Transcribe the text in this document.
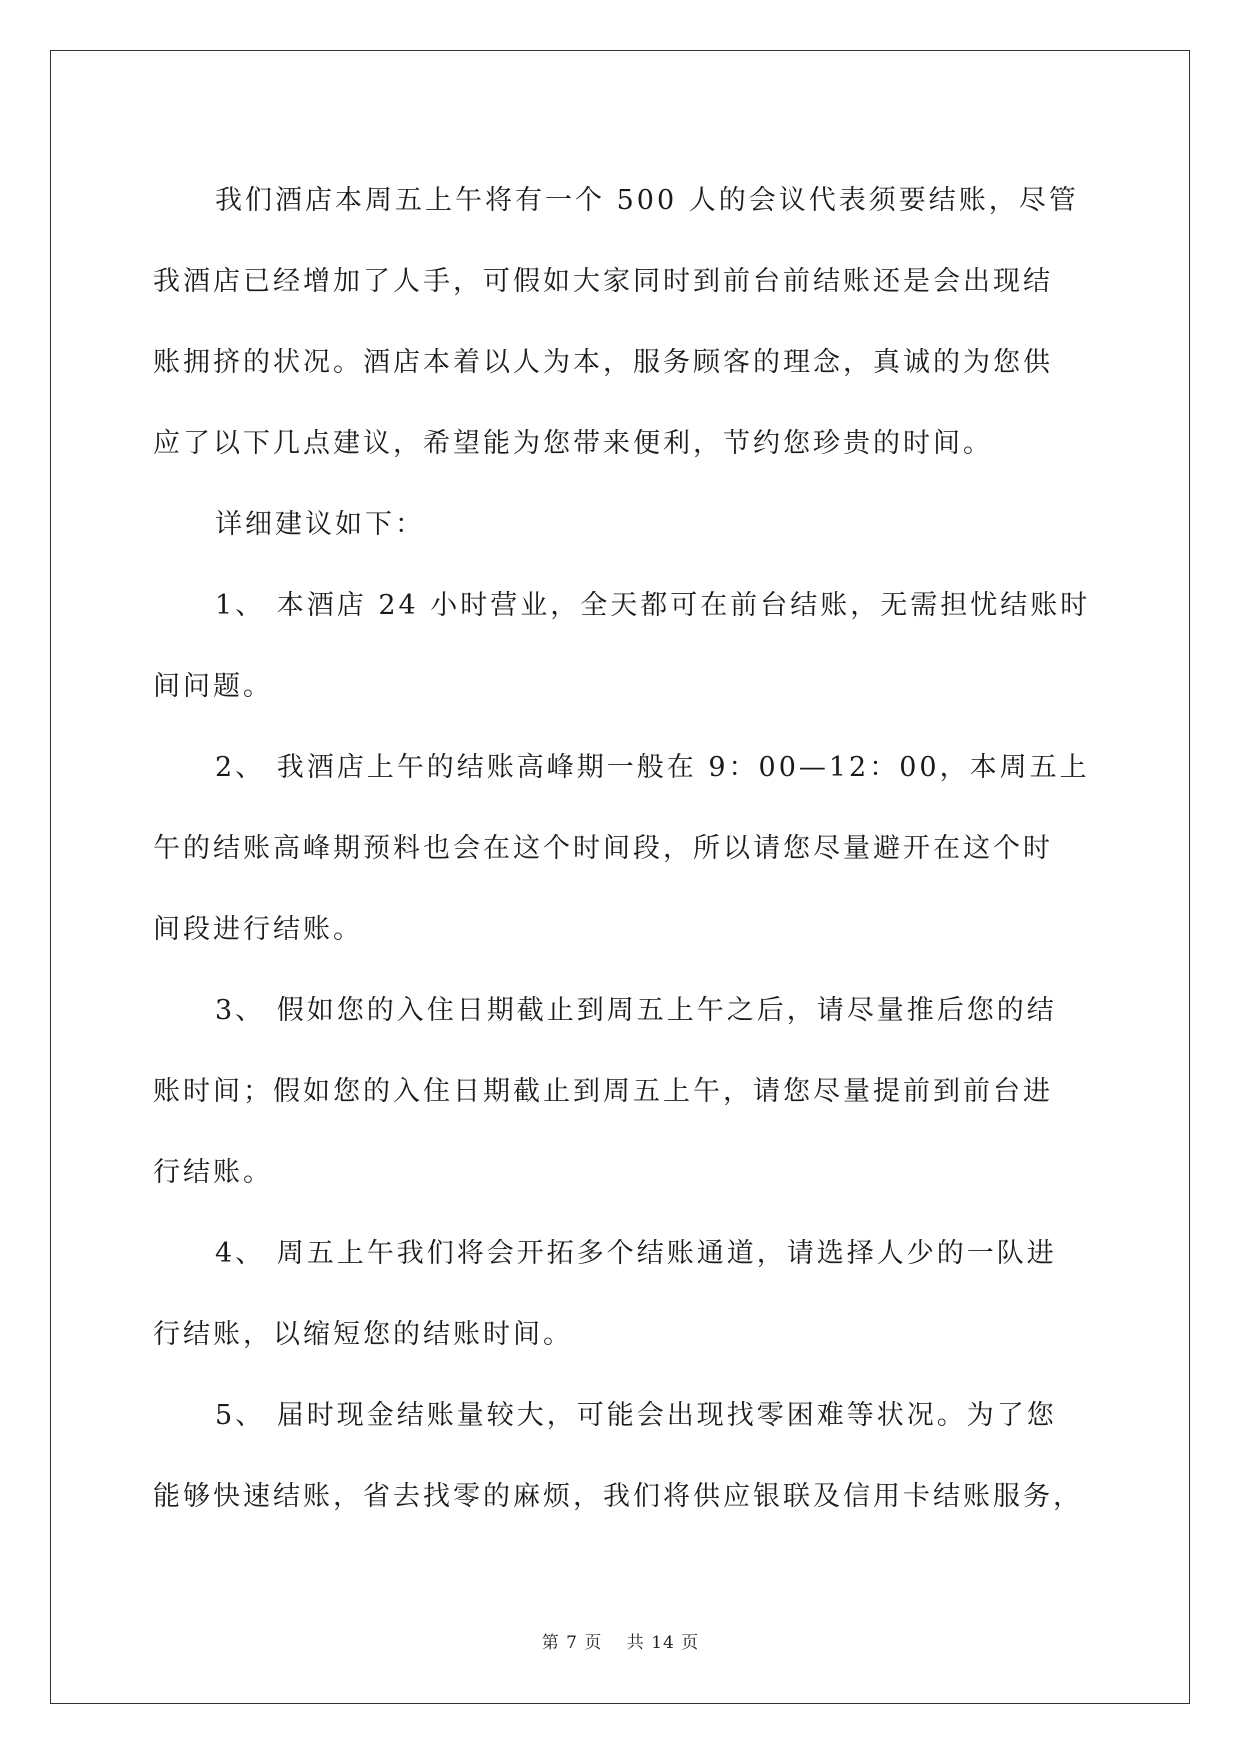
我们酒店本周五上午将有一个 500 人的会议代表须要结账，尽管
我酒店已经增加了人手，可假如大家同时到前台前结账还是会出现结
账拥挤的状况。酒店本着以人为本，服务顾客的理念，真诚的为您供
应了以下几点建议，希望能为您带来便利，节约您珍贵的时间。

详细建议如下：

1、 本酒店 24 小时营业，全天都可在前台结账，无需担忧结账时
间问题。

2、 我酒店上午的结账高峰期一般在 9：00—12：00，本周五上
午的结账高峰期预料也会在这个时间段，所以请您尽量避开在这个时
间段进行结账。

3、 假如您的入住日期截止到周五上午之后，请尽量推后您的结
账时间；假如您的入住日期截止到周五上午，请您尽量提前到前台进
行结账。

4、 周五上午我们将会开拓多个结账通道，请选择人少的一队进
行结账，以缩短您的结账时间。

5、 届时现金结账量较大，可能会出现找零困难等状况。为了您
能够快速结账，省去找零的麻烦，我们将供应银联及信用卡结账服务，

第 7 页　 共 14 页
